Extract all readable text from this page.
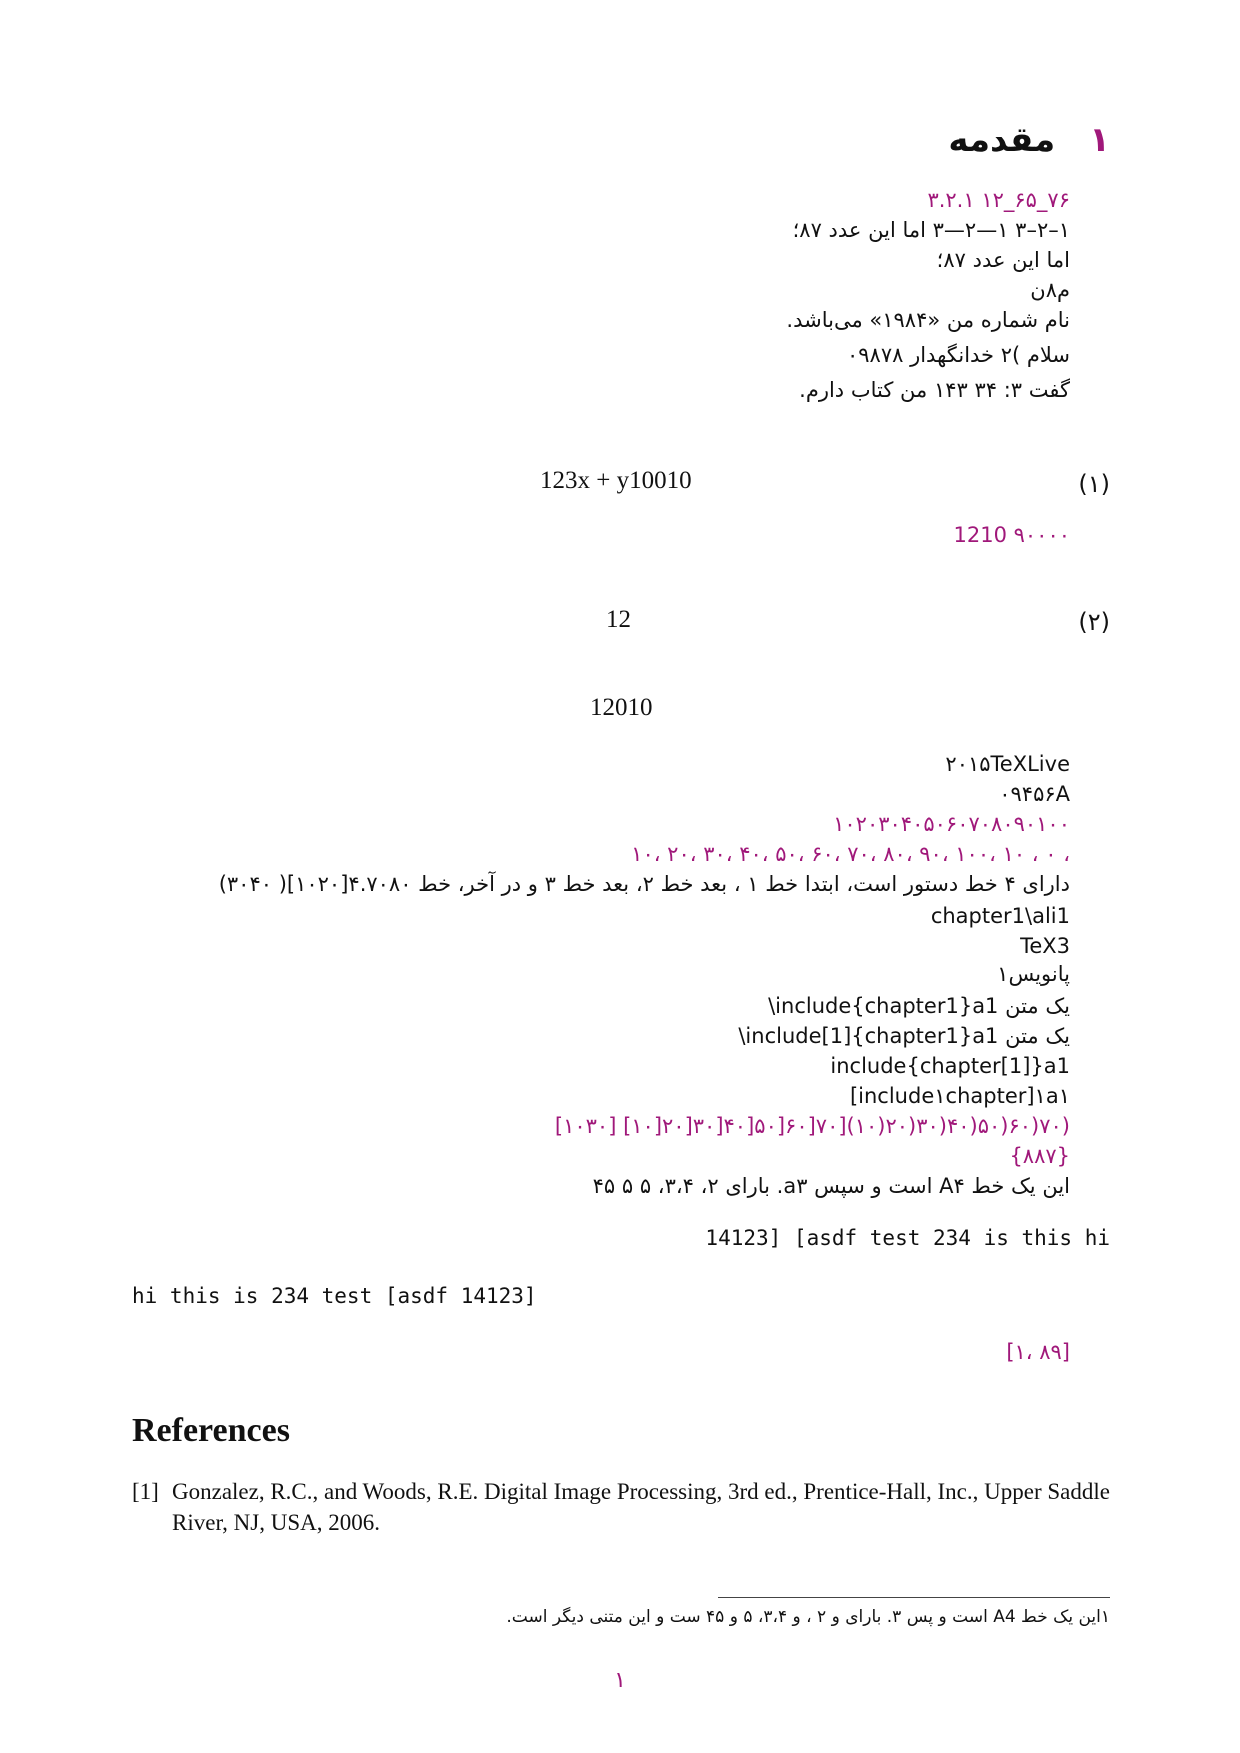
۱مقدمه
۳.۲.۱ ۱۲_۶۵_۷۶
۱–۲–۳ ۱—۲—۳ اما این عدد ۸۷؛
اما این عدد ۸۷؛
م۸ن
نام شماره من «۱۹۸۴» می‌باشد.
سلام )۲ خدانگهدار ۰۹۸۷۸
گفت ۳: ۳۴ ۱۴۳ من کتاب دارم.
123x + y10010	(۱)
1210 ۹۰۰۰۰
12	(۲)
12010
۲۰۱۵TeXLive
۰۹۴۵۶A
۱۰۲۰۳۰۴۰۵۰۶۰۷۰۸۰۹۰۱۰۰
۱۰، ۲۰، ۳۰، ۴۰، ۵۰، ۶۰، ۷۰، ۸۰، ۹۰، ۱۰۰، ۱۰ ، ۰ ،
دارای ۴ خط دستور است، ابتدا خط ۱ ، بعد خط ۲، بعد خط ۳ و در آخر، خط ۴.۷۰۸۰[۱۰۲۰]( ۳۰۴۰)
chapter1\ali1
TeX3
پانویس۱
\include{chapter1}a1 یک متن
\include[1]{chapter1}a1 یک متن
include{chapter[1]}a1
[include۱chapter]۱a۱
[۱۰۳۰] [۱۰]۲۰]۳۰]۴۰]۵۰]۶۰]۷۰](۱۰)۲۰)۳۰)۴۰)۵۰)۶۰)۷۰)
{۸۸۷}
این یک خط A۴ است و سپس a۳. بارای ۲، ۳،۴، ۵ ۵ ۴۵
14123] [asdf test 234 is this hi
hi this is 234 test [asdf 14123]
[۱، ۸۹]
References
[1] Gonzalez, R.C., and Woods, R.E. Digital Image Processing, 3rd ed., Prentice-Hall, Inc., Upper Saddle River, NJ, USA, 2006.
۱این یک خط A4 است و پس ۳. بارای و ۲ ، و ۳،۴، ۵ و ۴۵ ست و این متنی دیگر است.
۱
